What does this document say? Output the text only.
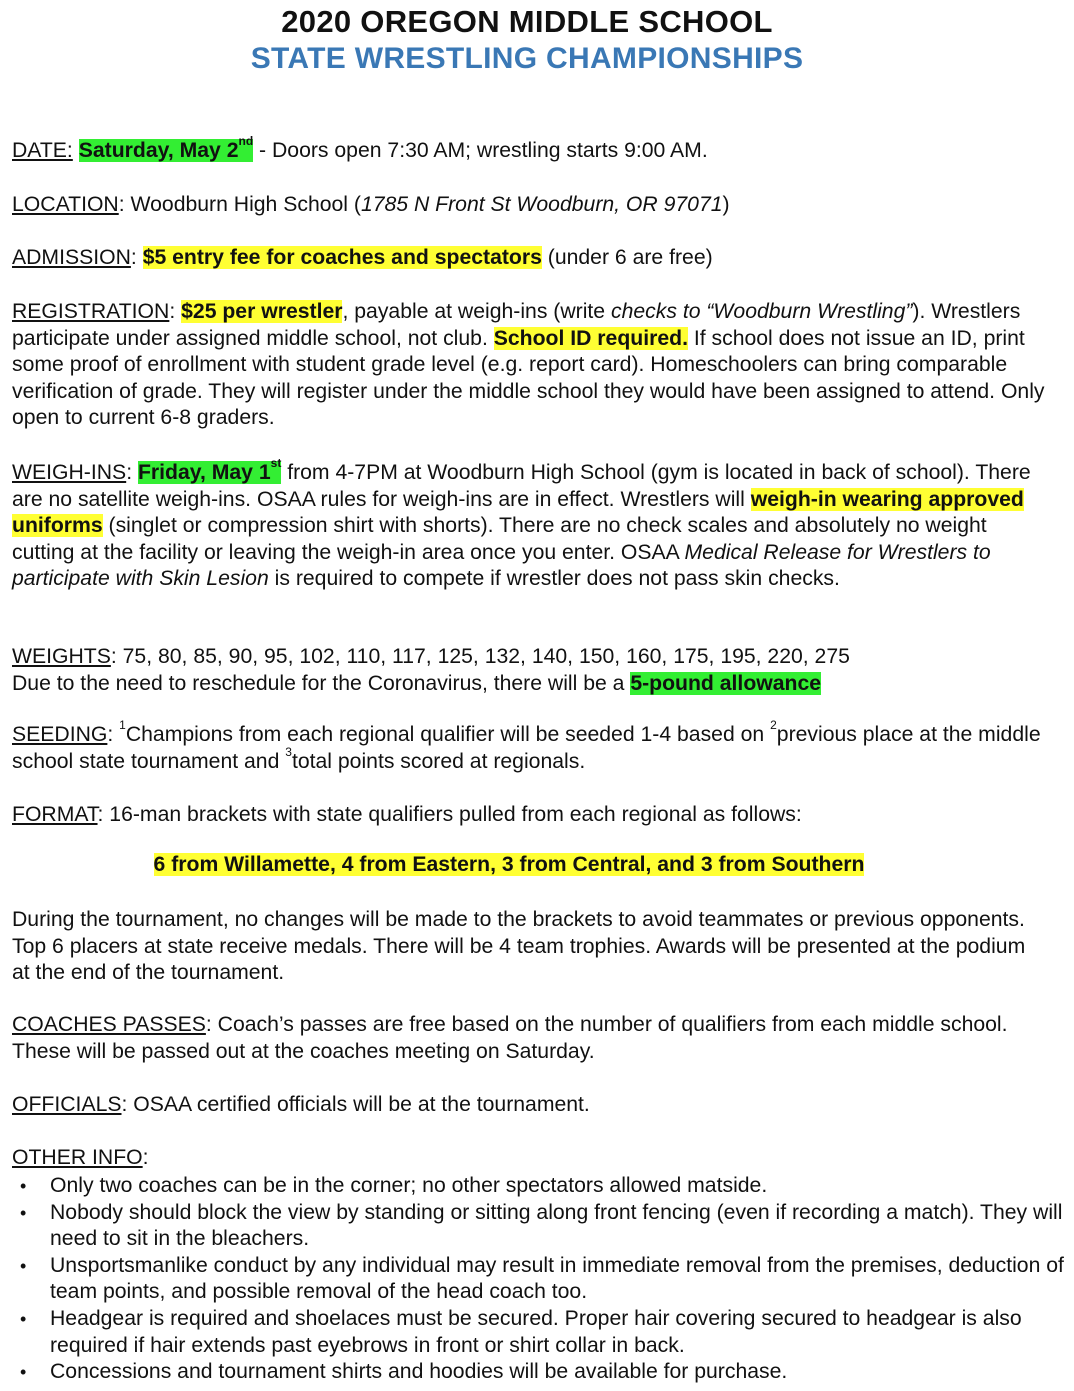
2020 OREGON MIDDLE SCHOOL
STATE WRESTLING CHAMPIONSHIPS

DATE: Saturday, May 2nd - Doors open 7:30 AM; wrestling starts 9:00 AM.

LOCATION: Woodburn High School (1785 N Front St Woodburn, OR 97071)

ADMISSION: $5 entry fee for coaches and spectators (under 6 are free)

REGISTRATION: $25 per wrestler, payable at weigh-ins (write checks to “Woodburn Wrestling”). Wrestlers participate under assigned middle school, not club. School ID required. If school does not issue an ID, print some proof of enrollment with student grade level (e.g. report card). Homeschoolers can bring comparable verification of grade. They will register under the middle school they would have been assigned to attend. Only open to current 6-8 graders.

WEIGH-INS: Friday, May 1st from 4-7PM at Woodburn High School (gym is located in back of school). There are no satellite weigh-ins. OSAA rules for weigh-ins are in effect. Wrestlers will weigh-in wearing approved uniforms (singlet or compression shirt with shorts). There are no check scales and absolutely no weight cutting at the facility or leaving the weigh-in area once you enter. OSAA Medical Release for Wrestlers to participate with Skin Lesion is required to compete if wrestler does not pass skin checks.

WEIGHTS: 75, 80, 85, 90, 95, 102, 110, 117, 125, 132, 140, 150, 160, 175, 195, 220, 275
Due to the need to reschedule for the Coronavirus, there will be a 5-pound allowance

SEEDING: $^1$Champions from each regional qualifier will be seeded 1-4 based on $^2$previous place at the middle school state tournament and $^3$total points scored at regionals.

FORMAT: 16-man brackets with state qualifiers pulled from each regional as follows:

6 from Willamette, 4 from Eastern, 3 from Central, and 3 from Southern

During the tournament, no changes will be made to the brackets to avoid teammates or previous opponents. Top 6 placers at state receive medals. There will be 4 team trophies. Awards will be presented at the podium at the end of the tournament.

COACHES PASSES: Coach’s passes are free based on the number of qualifiers from each middle school. These will be passed out at the coaches meeting on Saturday.

OFFICIALS: OSAA certified officials will be at the tournament.

OTHER INFO:

• Only two coaches can be in the corner; no other spectators allowed matside.
• Nobody should block the view by standing or sitting along front fencing (even if recording a match). They will need to sit in the bleachers.
• Unsportsmanlike conduct by any individual may result in immediate removal from the premises, deduction of team points, and possible removal of the head coach too.
• Headgear is required and shoelaces must be secured. Proper hair covering secured to headgear is also required if hair extends past eyebrows in front or shirt collar in back.
• Concessions and tournament shirts and hoodies will be available for purchase.
